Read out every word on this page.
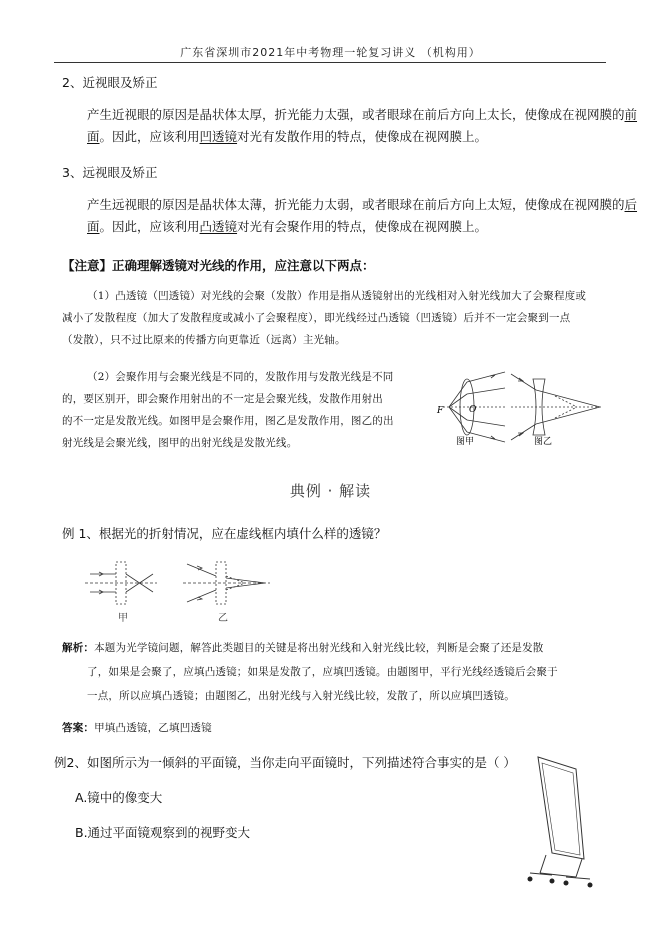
广东省深圳市2021年中考物理一轮复习讲义 （机构用）
2、近视眼及矫正
产生近视眼的原因是晶状体太厚，折光能力太强，或者眼球在前后方向上太长，使像成在视网膜的前
面。因此，应该利用凹透镜对光有发散作用的特点，使像成在视网膜上。
3、远视眼及矫正
产生远视眼的原因是晶状体太薄，折光能力太弱，或者眼球在前后方向上太短，使像成在视网膜的后
面。因此，应该利用凸透镜对光有会聚作用的特点，使像成在视网膜上。
【注意】正确理解透镜对光线的作用，应注意以下两点：
（1）凸透镜（凹透镜）对光线的会聚（发散）作用是指从透镜射出的光线相对入射光线加大了会聚程度或
减小了发散程度（加大了发散程度或减小了会聚程度），即光线经过凸透镜（凹透镜）后并不一定会聚到一点
（发散），只不过比原来的传播方向更靠近（远离）主光轴。
（2）会聚作用与会聚光线是不同的，发散作用与发散光线是不同
的，要区别开，即会聚作用射出的不一定是会聚光线，发散作用射出
的不一定是发散光线。如图甲是会聚作用，图乙是发散作用，图乙的出
射光线是会聚光线，图甲的出射光线是发散光线。
F	O
图甲	图乙
典例 · 解读
例 1、根据光的折射情况，应在虚线框内填什么样的透镜？
甲	乙
解析：本题为光学镜问题，解答此类题目的关键是将出射光线和入射光线比较，判断是会聚了还是发散
了，如果是会聚了，应填凸透镜；如果是发散了，应填凹透镜。由题图甲，平行光线经透镜后会聚于
一点，所以应填凸透镜；由题图乙，出射光线与入射光线比较，发散了，所以应填凹透镜。
答案：甲填凸透镜，乙填凹透镜
例2、如图所示为一倾斜的平面镜，当你走向平面镜时，下列描述符合事实的是（ ）
A.镜中的像变大
B.通过平面镜观察到的视野变大
